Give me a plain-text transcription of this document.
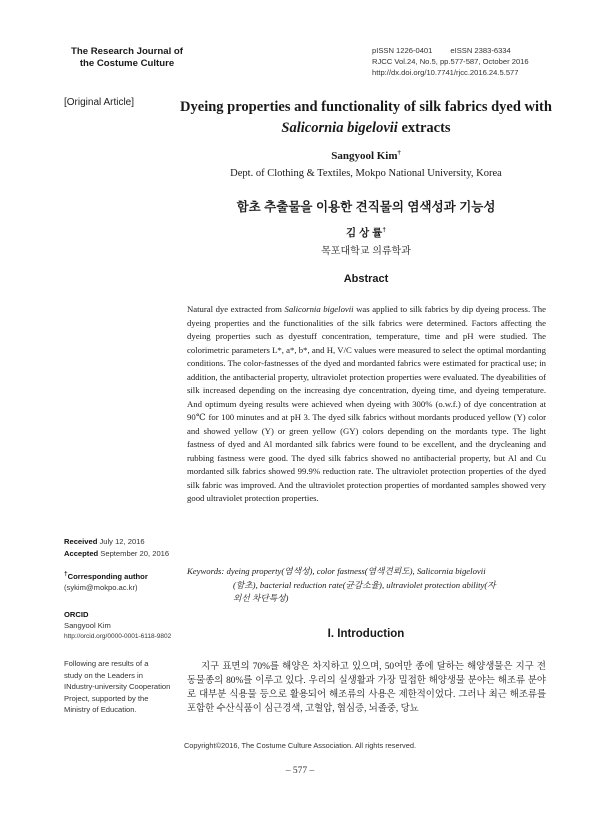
The Research Journal of
the Costume Culture
pISSN 1226-0401 eISSN 2383-6334
RJCC Vol.24, No.5, pp.577-587, October 2016
http://dx.doi.org/10.7741/rjcc.2016.24.5.577
[Original Article]	Dyeing properties and functionality of silk fabrics dyed with
Salicornia bigelovii extracts
Sangyool Kim†
Dept. of Clothing & Textiles, Mokpo National University, Korea
함초 추출물을 이용한 견직물의 염색성과 기능성
김 상 률†
목포대학교 의류학과
Abstract
Natural dye extracted from Salicornia bigelovii was applied to silk fabrics by dip dyeing process. The dyeing properties and the functionalities of the silk fabrics were determined. Factors affecting the dyeing properties such as dyestuff concentration, temperature, time and pH were studied. The colorimetric parameters L*, a*, b*, and H, V/C values were measured to select the optimal mordanting conditions. The color-fastnesses of the dyed and mordanted fabrics were estimated for practical use; in addition, the antibacterial property, ultraviolet protection properties were evaluated. The dyeabilities of silk increased depending on the increasing dye concentration, dyeing time, and dyeing temperature. And optimum dyeing results were achieved when dyeing with 300% (o.w.f.) of dye concentration at 90℃ for 100 minutes and at pH 3. The dyed silk fabrics without mordants produced yellow (Y) color and showed yellow (Y) or green yellow (GY) colors depending on the mordants type. The light fastness of dyed and Al mordanted silk fabrics were found to be excellent, and the drycleaning and rubbing fastness were good. The dyed silk fabrics showed no antibacterial property, but Al and Cu mordanted silk fabrics showed 99.9% reduction rate. The ultraviolet protection properties of the dyed silk fabric was improved. And the ultraviolet protection properties of mordanted samples showed very good ultraviolet protection properties.
Keywords: dyeing property(염색성), color fastness(염색견뢰도), Salicornia bigelovii
(함초), bacterial reduction rate(균감소율), ultraviolet protection ability(자
외선 차단특성)
Received July 12, 2016
Accepted September 20, 2016
†Corresponding author
(sykim@mokpo.ac.kr)
ORCID
Sangyool Kim
http://orcid.org/0000-0001-6118-9802
Following are results of a
study on the Leaders in
INdustry-university Cooperation
Project, supported by the
Ministry of Education.
I. Introduction
지구 표면의 70%를 해양은 차지하고 있으며, 50여만 종에 달하는 해양생물은 지구 전 동물종의 80%를 이루고 있다. 우리의 실생활과 가장 밀접한 해양생물 분야는 해조류 분야로 대부분 식용물 등으로 활용되어 해조류의 사용은 제한적이었다. 그러나 최근 해조류를 포함한 수산식품이 심근경색, 고혈압, 협심증, 뇌졸중, 당뇨
Copyright©2016, The Costume Culture Association. All rights reserved.
– 577 –
